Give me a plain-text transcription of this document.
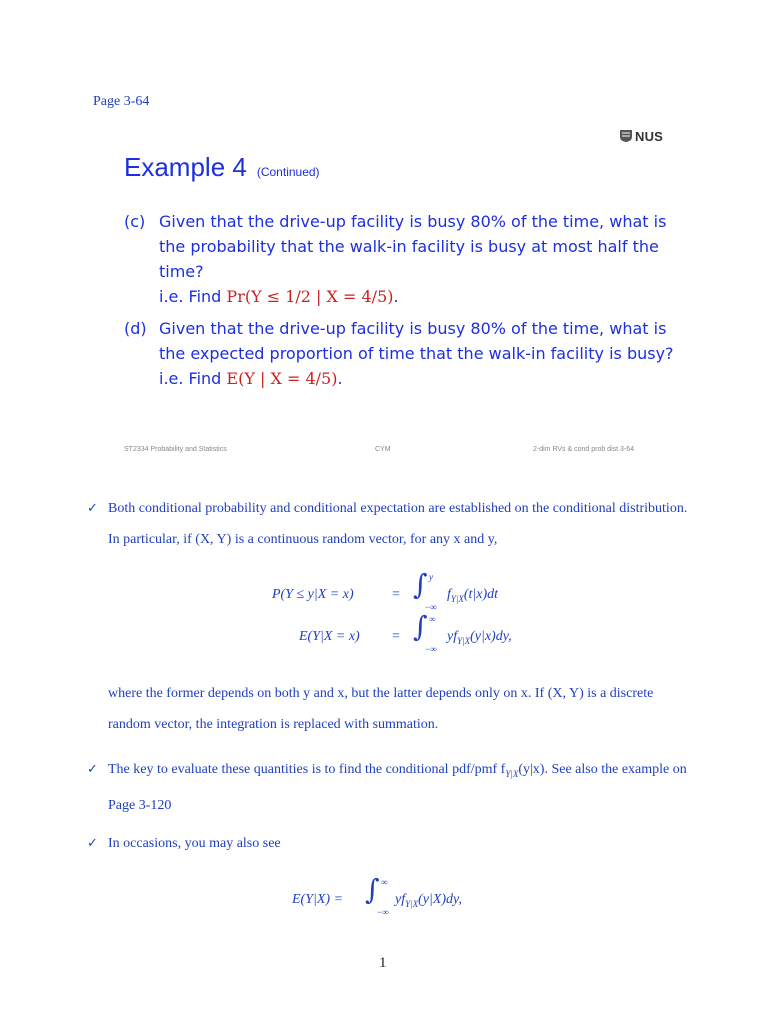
Page 3-64
NUS
Example 4 (Continued)
(c) Given that the drive-up facility is busy 80% of the time, what is the probability that the walk-in facility is busy at most half the time?
i.e. Find Pr(Y ≤ 1/2 | X = 4/5).
(d) Given that the drive-up facility is busy 80% of the time, what is the expected proportion of time that the walk-in facility is busy?
i.e. Find E(Y | X = 4/5).
ST2334 Probability and Statistics	CYM	2-dim RVs & cond prob dist 3-64
✓ Both conditional probability and conditional expectation are established on the conditional distribution. In particular, if (X, Y) is a continuous random vector, for any x and y,
P(Y ≤ y|X = x)	= ∫ y
−∞
$f_{Y|X}(t|x)dt$
E(Y|X = x)	= ∫ ∞
−∞
$yf_{Y|X}(y|x)dy$,
where the former depends on both y and x, but the latter depends only on x. If (X, Y) is a discrete random vector, the integration is replaced with summation.
✓ The key to evaluate these quantities is to find the conditional pdf/pmf $f_{Y|X}(y|x)$. See also the example on Page 3-120
✓ In occasions, you may also see
E(Y|X) = ∫ ∞
−∞
$yf_{Y|X}(y|X)dy$,
1
